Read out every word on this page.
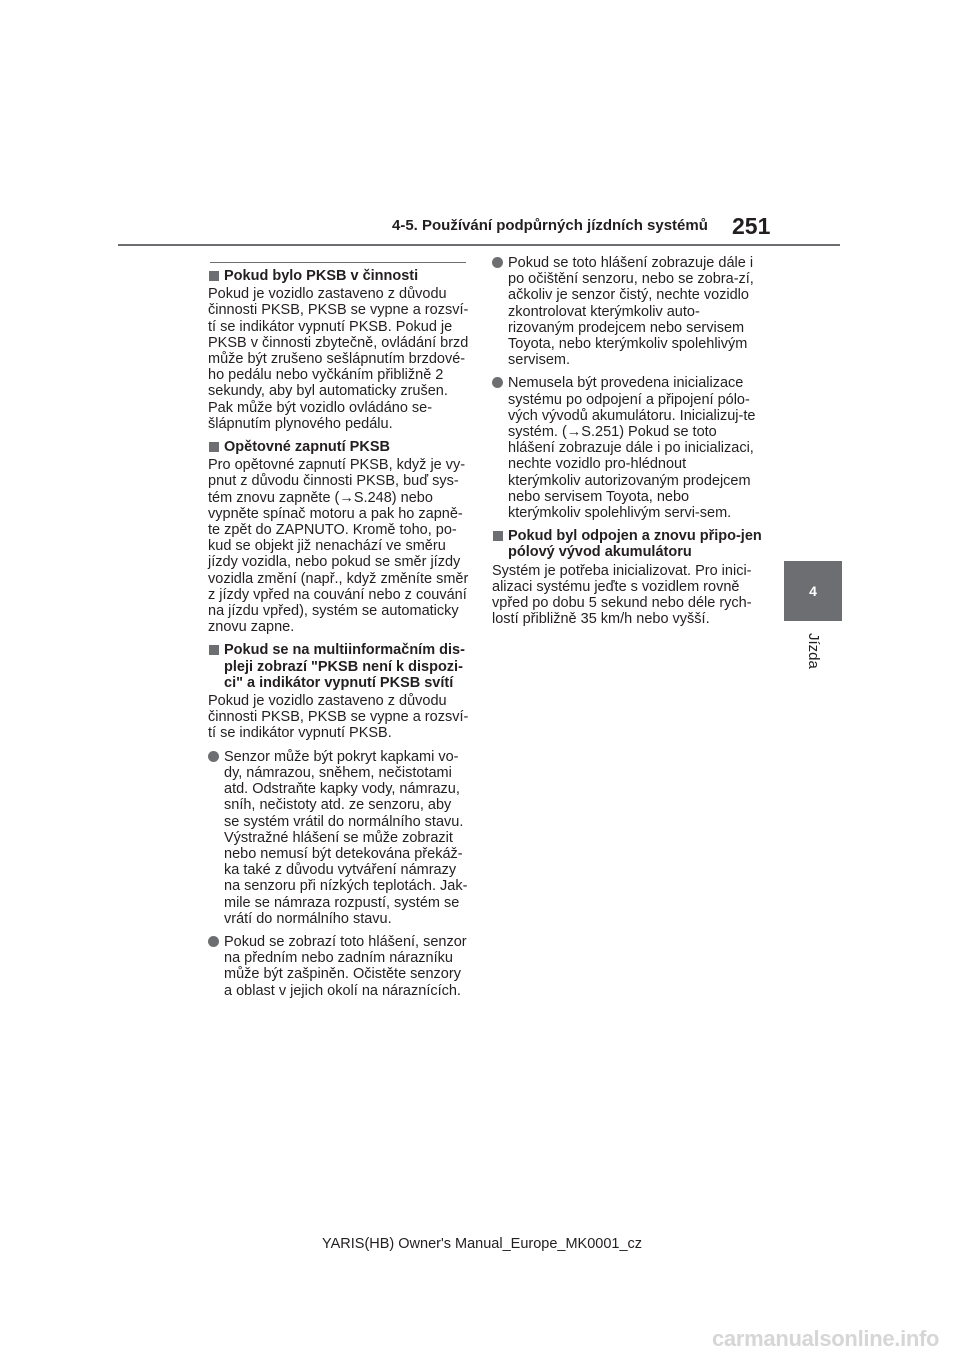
4-5. Používání podpůrných jízdních systémů 251
4
Jízda
Pokud bylo PKSB v činnosti
Pokud je vozidlo zastaveno z důvodu činnosti PKSB, PKSB se vypne a rozsví-tí se indikátor vypnutí PKSB. Pokud je PKSB v činnosti zbytečně, ovládání brzd může být zrušeno sešlápnutím brzdové-ho pedálu nebo vyčkáním přibližně 2 sekundy, aby byl automaticky zrušen. Pak může být vozidlo ovládáno se-šlápnutím plynového pedálu.
Opětovné zapnutí PKSB
Pro opětovné zapnutí PKSB, když je vy-pnut z důvodu činnosti PKSB, buď sys-tém znovu zapněte (→S.248) nebo vypněte spínač motoru a pak ho zapně-te zpět do ZAPNUTO. Kromě toho, po-kud se objekt již nenachází ve směru jízdy vozidla, nebo pokud se směr jízdy vozidla změní (např., když změníte směr z jízdy vpřed na couvání nebo z couvání na jízdu vpřed), systém se automaticky znovu zapne.
Pokud se na multiinformačním dis-pleji zobrazí "PKSB není k dispozi-ci" a indikátor vypnutí PKSB svítí
Pokud je vozidlo zastaveno z důvodu činnosti PKSB, PKSB se vypne a rozsví-tí se indikátor vypnutí PKSB.
Senzor může být pokryt kapkami vo-dy, námrazou, sněhem, nečistotami atd. Odstraňte kapky vody, námrazu, sníh, nečistoty atd. ze senzoru, aby se systém vrátil do normálního stavu. Výstražné hlášení se může zobrazit nebo nemusí být detekována překáž-ka také z důvodu vytváření námrazy na senzoru při nízkých teplotách. Jak-mile se námraza rozpustí, systém se vrátí do normálního stavu.
Pokud se zobrazí toto hlášení, senzor na předním nebo zadním nárazníku může být zašpiněn. Očistěte senzory a oblast v jejich okolí na náraznících.
Pokud se toto hlášení zobrazuje dále i po očištění senzoru, nebo se zobra-zí, ačkoliv je senzor čistý, nechte vozidlo zkontrolovat kterýmkoliv auto-rizovaným prodejcem nebo servisem Toyota, nebo kterýmkoliv spolehlivým servisem.
Nemusela být provedena inicializace systému po odpojení a připojení pólo-vých vývodů akumulátoru. Inicializuj-te systém. (→S.251) Pokud se toto hlášení zobrazuje dále i po inicializaci, nechte vozidlo pro-hlédnout kterýmkoliv autorizovaným prodejcem nebo servisem Toyota, nebo kterýmkoliv spolehlivým servi-sem.
Pokud byl odpojen a znovu připo-jen pólový vývod akumulátoru
Systém je potřeba inicializovat. Pro inici-alizaci systému jeďte s vozidlem rovně vpřed po dobu 5 sekund nebo déle rych-lostí přibližně 35 km/h nebo vyšší.
YARIS(HB) Owner's Manual_Europe_MK0001_cz
carmanualsonline.info
